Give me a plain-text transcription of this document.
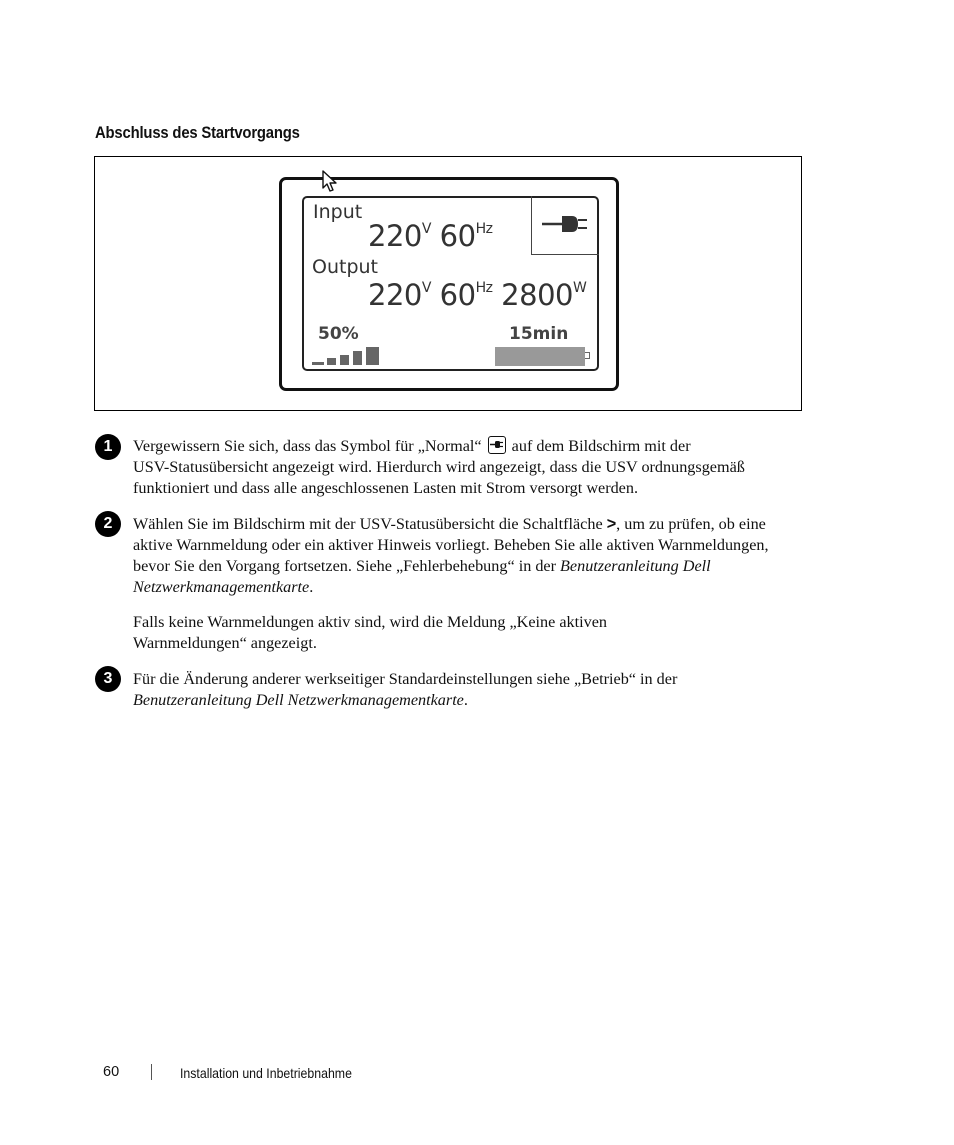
Abschluss des Startvorgangs
Input
$220^V$ $60^{Hz}$
Output
$220^V$ $60^{Hz}$ $2800^W$
50%	15min
1	Vergewissern Sie sich, dass das Symbol für „Normal“ auf dem Bildschirm mit der
USV-Statusübersicht angezeigt wird. Hierdurch wird angezeigt, dass die USV ordnungsgemäß
funktioniert und dass alle angeschlossenen Lasten mit Strom versorgt werden.
2	Wählen Sie im Bildschirm mit der USV-Statusübersicht die Schaltfläche >, um zu prüfen, ob eine
aktive Warnmeldung oder ein aktiver Hinweis vorliegt. Beheben Sie alle aktiven Warnmeldungen,
bevor Sie den Vorgang fortsetzen. Siehe „Fehlerbehebung“ in der Benutzeranleitung Dell
Netzwerkmanagementkarte.
Falls keine Warnmeldungen aktiv sind, wird die Meldung „Keine aktiven
Warnmeldungen“ angezeigt.
3	Für die Änderung anderer werkseitiger Standardeinstellungen siehe „Betrieb“ in der
Benutzeranleitung Dell Netzwerkmanagementkarte.
60	Installation und Inbetriebnahme
